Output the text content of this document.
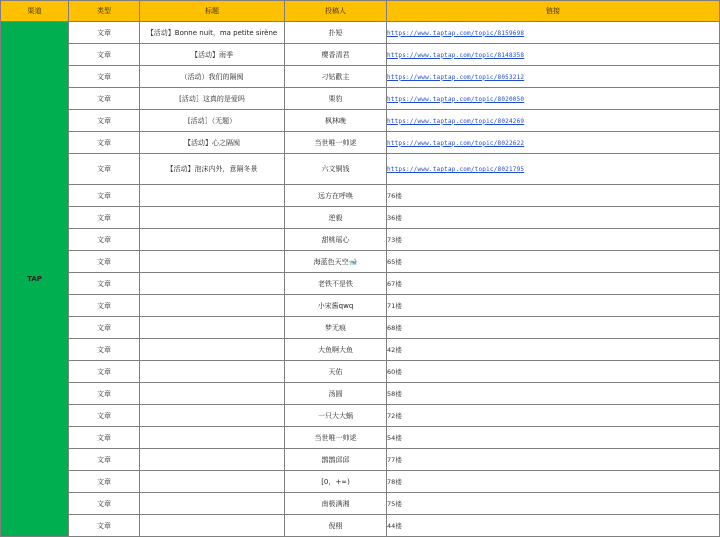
渠道	类型	标题	投稿人	链接
TAP	文章	【活动】Bonne nuit，ma petite sirène	扑短	https://www.taptap.com/topic/8159698
	文章	【活动】雨季	樱香清君	https://www.taptap.com/topic/8148358
	文章	（活动）我们的隔阂	刁钻歡主	https://www.taptap.com/topic/8053212
	文章	[活动］这真的是爱吗	栗豹	https://www.taptap.com/topic/8020050
	文章	[活动］（无题）	枫林晚	https://www.taptap.com/topic/8024269
	文章	【活动】心之隔阂	当世唯一帅逑	https://www.taptap.com/topic/8022622
	文章	【活动】泡沫内外，意隔冬景	六文铜钱	https://www.taptap.com/topic/8021795
	文章		远方在呼唤	76楼
	文章		逆毅	36楼
	文章		甜桃瑶心	73楼
	文章		海蓝色天空🐋	65楼
	文章		老铁不是铁	67楼
	文章		小宋酱qwq	71楼
	文章		梦无痕	68楼
	文章		大鱼啊大鱼	42楼
	文章		天佑	60楼
	文章		汤圆	58楼
	文章		一只大大蜗	72楼
	文章		当世唯一帅逑	54楼
	文章		鹊鹊邱邱	77楼
	文章		[0，+∞)	78楼
	文章		南极满湘	75楼
	文章		倪栩	44楼
